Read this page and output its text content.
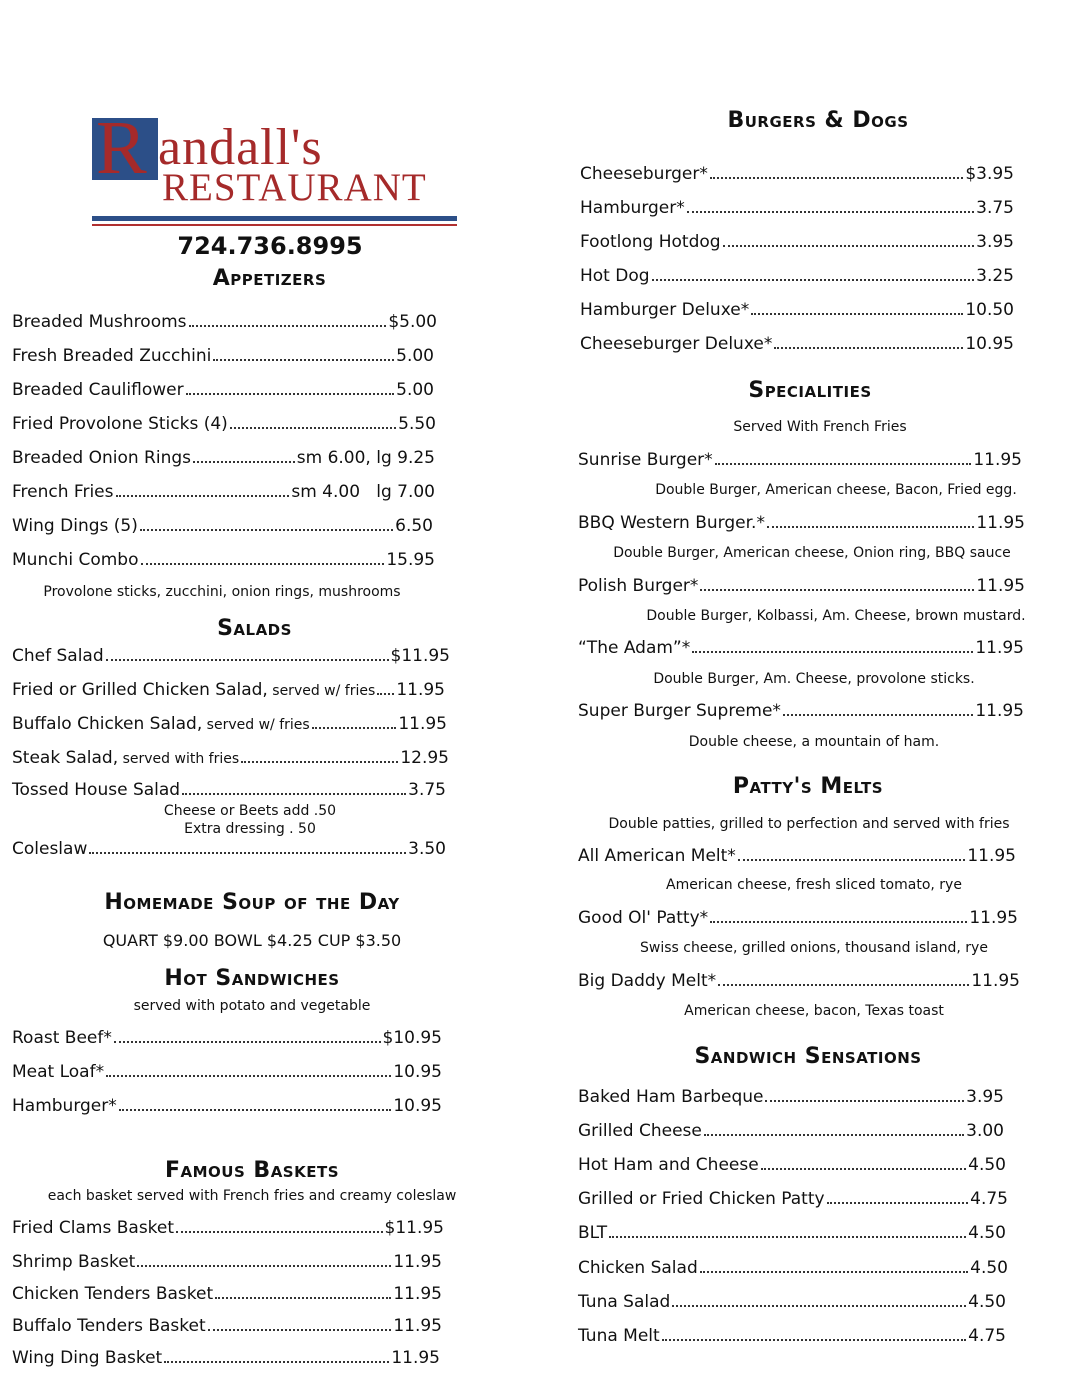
R andall's
RESTAURANT
724.736.8995
Appetizers
Breaded Mushrooms	$5.00
Fresh Breaded Zucchini	5.00
Breaded Cauliflower	5.00
Fried Provolone Sticks (4)	5.50
Breaded Onion Rings	sm 6.00, lg 9.25
French Fries	sm 4.00   lg 7.00
Wing Dings (5)	6.50
Munchi Combo	15.95
Provolone sticks, zucchini, onion rings, mushrooms
Salads
Chef Salad	$11.95
Fried or Grilled Chicken Salad, served w/ fries 11.95
Buffalo Chicken Salad, served w/ fries	11.95
Steak Salad, served with fries	12.95
Tossed House Salad	3.75
Cheese or Beets add .50
Extra dressing . 50
Coleslaw	3.50
Homemade Soup of the Day
QUART $9.00 BOWL $4.25 CUP $3.50
Hot Sandwiches
served with potato and vegetable
Roast Beef*	$10.95
Meat Loaf*	10.95
Hamburger*	10.95
Famous Baskets
each basket served with French fries and creamy coleslaw
Fried Clams Basket	$11.95
Shrimp Basket	11.95
Chicken Tenders Basket	11.95
Buffalo Tenders Basket	11.95
Wing Ding Basket	11.95
Burgers & Dogs
Cheeseburger*	$3.95
Hamburger*	3.75
Footlong Hotdog	3.95
Hot Dog	3.25
Hamburger Deluxe*	10.50
Cheeseburger Deluxe*	10.95
Specialities
Served With French Fries
Sunrise Burger*	11.95
Double Burger, American cheese, Bacon, Fried egg.
BBQ Western Burger.*	11.95
Double Burger, American cheese, Onion ring, BBQ sauce
Polish Burger*	11.95
Double Burger, Kolbassi, Am. Cheese, brown mustard.
“The Adam”*	11.95
Double Burger, Am. Cheese, provolone sticks.
Super Burger Supreme*	11.95
Double cheese, a mountain of ham.
Patty's Melts
Double patties, grilled to perfection and served with fries
All American Melt*	11.95
American cheese, fresh sliced tomato, rye
Good Ol' Patty*	11.95
Swiss cheese, grilled onions, thousand island, rye
Big Daddy Melt*	11.95
American cheese, bacon, Texas toast
Sandwich Sensations
Baked Ham Barbeque	3.95
Grilled Cheese	3.00
Hot Ham and Cheese	4.50
Grilled or Fried Chicken Patty	4.75
BLT	4.50
Chicken Salad	4.50
Tuna Salad	4.50
Tuna Melt	4.75
